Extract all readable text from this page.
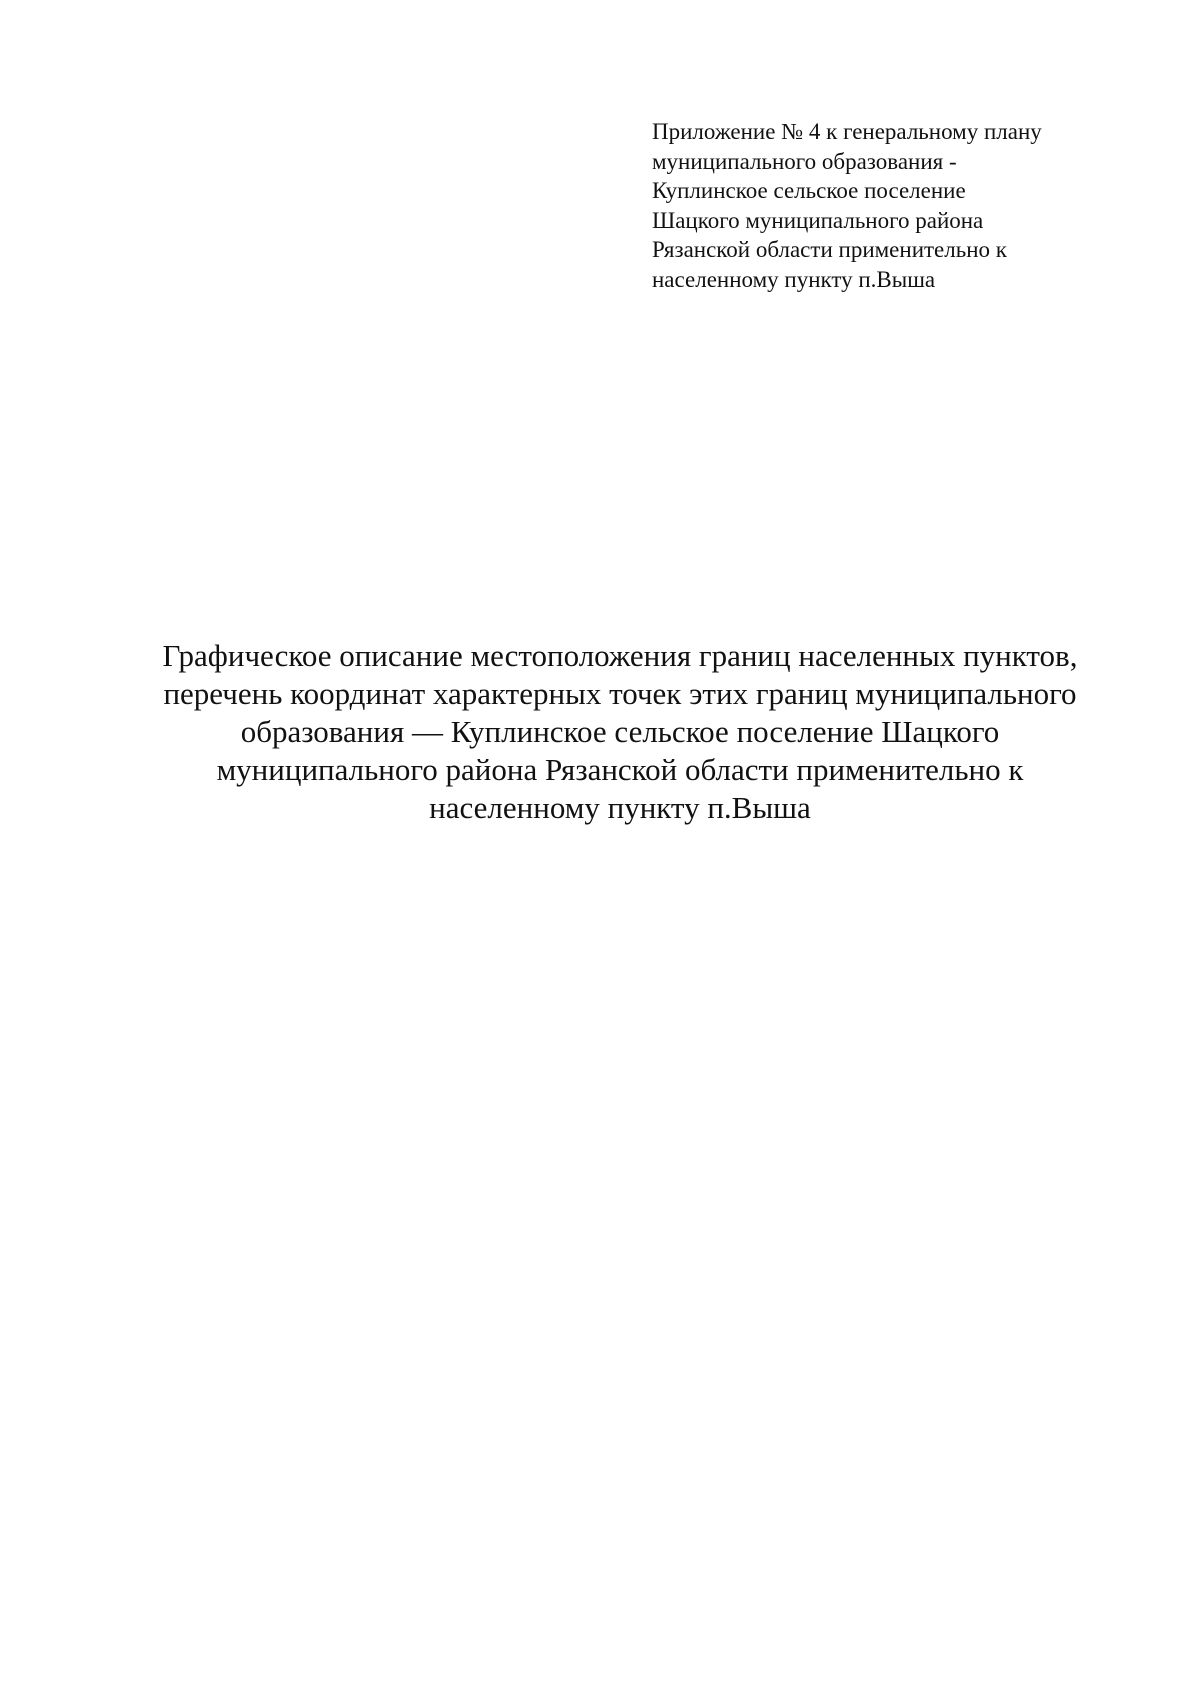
Приложение № 4 к генеральному плану
муниципального образования -
Куплинское сельское поселение
Шацкого муниципального района
Рязанской области применительно к
населенному пункту п.Выша

Графическое описание местоположения границ населенных пунктов,
перечень координат характерных точек этих границ муниципального
образования — Куплинское сельское поселение Шацкого
муниципального района Рязанской области применительно к
населенному пункту п.Выша
